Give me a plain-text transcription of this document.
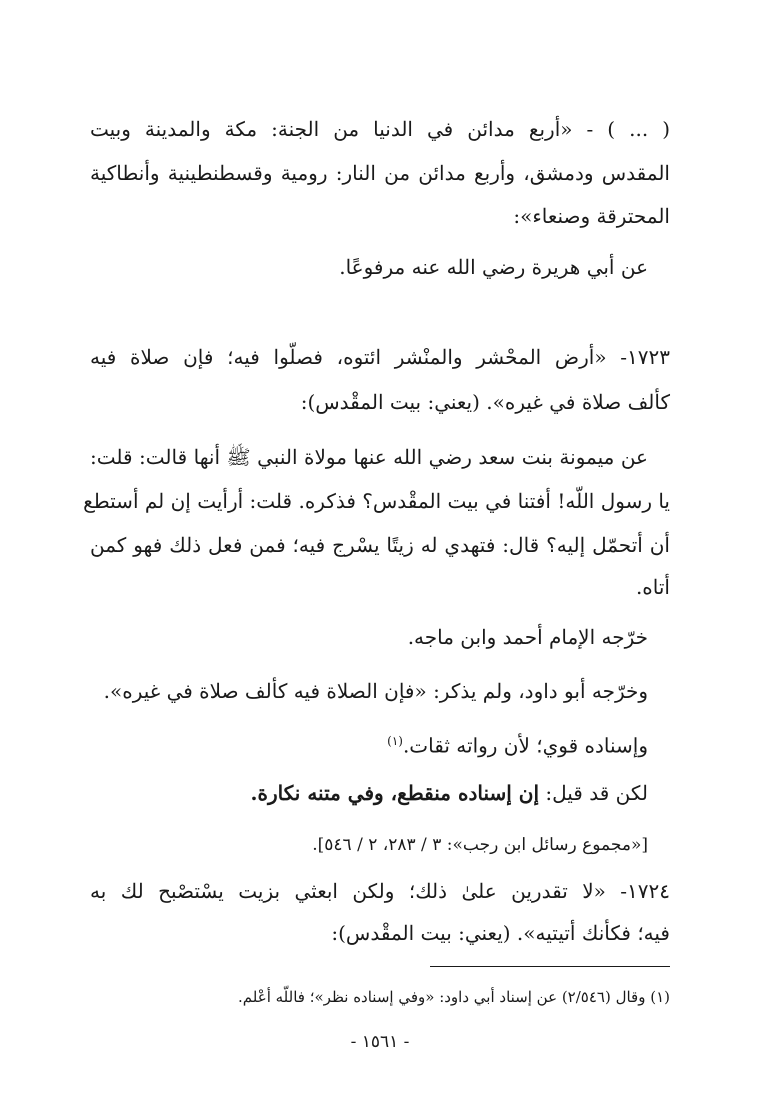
( ... ) - «أربع مدائن في الدنيا من الجنة: مكة والمدينة وبيت
المقدس ودمشق، وأربع مدائن من النار: رومية وقسطنطينية وأنطاكية
المحترقة وصنعاء»:
عن أبي هريرة رضي الله عنه مرفوعًا.
١٧٢٣- «أرض المحْشر والمنْشر ائتوه، فصلّوا فيه؛ فإن صلاة فيه
كألف صلاة في غيره». (يعني: بيت المقْدس):
عن ميمونة بنت سعد رضي الله عنها مولاة النبي ﷺ أنها قالت: قلت:
يا رسول اللّه! أفتنا في بيت المقْدس؟ فذكره. قلت: أرأيت إن لم أستطع
أن أتحمّل إليه؟ قال: فتهدي له زيتًا يسْرج فيه؛ فمن فعل ذلك فهو كمن
أتاه.
خرّجه الإمام أحمد وابن ماجه.
وخرّجه أبو داود، ولم يذكر: «فإن الصلاة فيه كألف صلاة في غيره».
وإسناده قوي؛ لأن رواته ثقات.$^{(١)}$
لكن قد قيل: إن إسناده منقطع، وفي متنه نكارة.
[«مجموع رسائل ابن رجب»: ٣ / ٢٨٣، ٢ / ٥٤٦].
١٧٢٤- «لا تقدرين علىٰ ذلك؛ ولكن ابعثي بزيت يسْتصْبح لك به
فيه؛ فكأنك أتيتيه». (يعني: بيت المقْدس):
(١) وقال (٢/٥٤٦) عن إسناد أبي داود: «وفي إسناده نظر»؛ فاللّه أعْلم.
- ١٥٦١ -
